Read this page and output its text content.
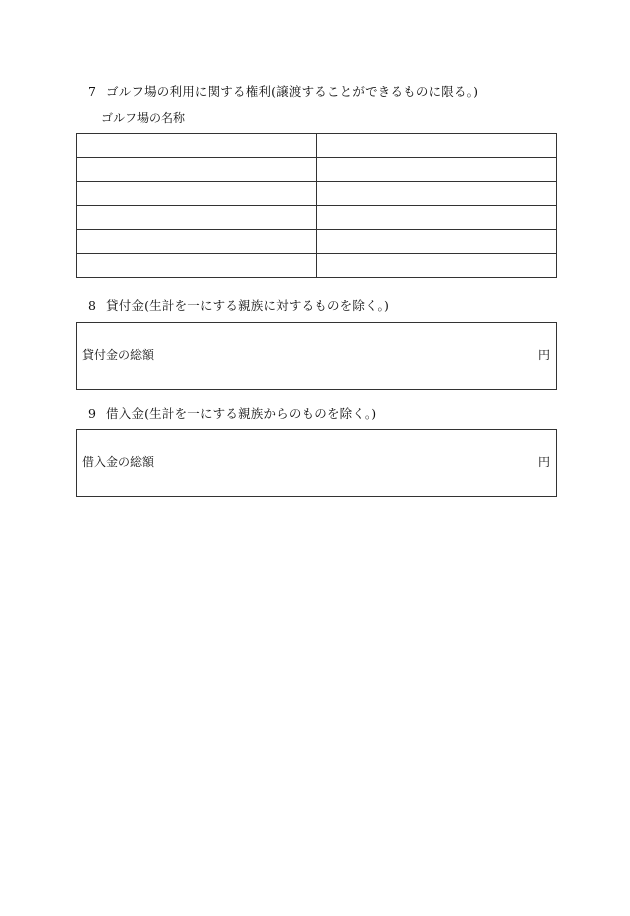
7 ゴルフ場の利用に関する権利(譲渡することができるものに限る。)
ゴルフ場の名称

8 貸付金(生計を一にする親族に対するものを除く。)
貸付金の総額	円
9 借入金(生計を一にする親族からのものを除く。)
借入金の総額	円
